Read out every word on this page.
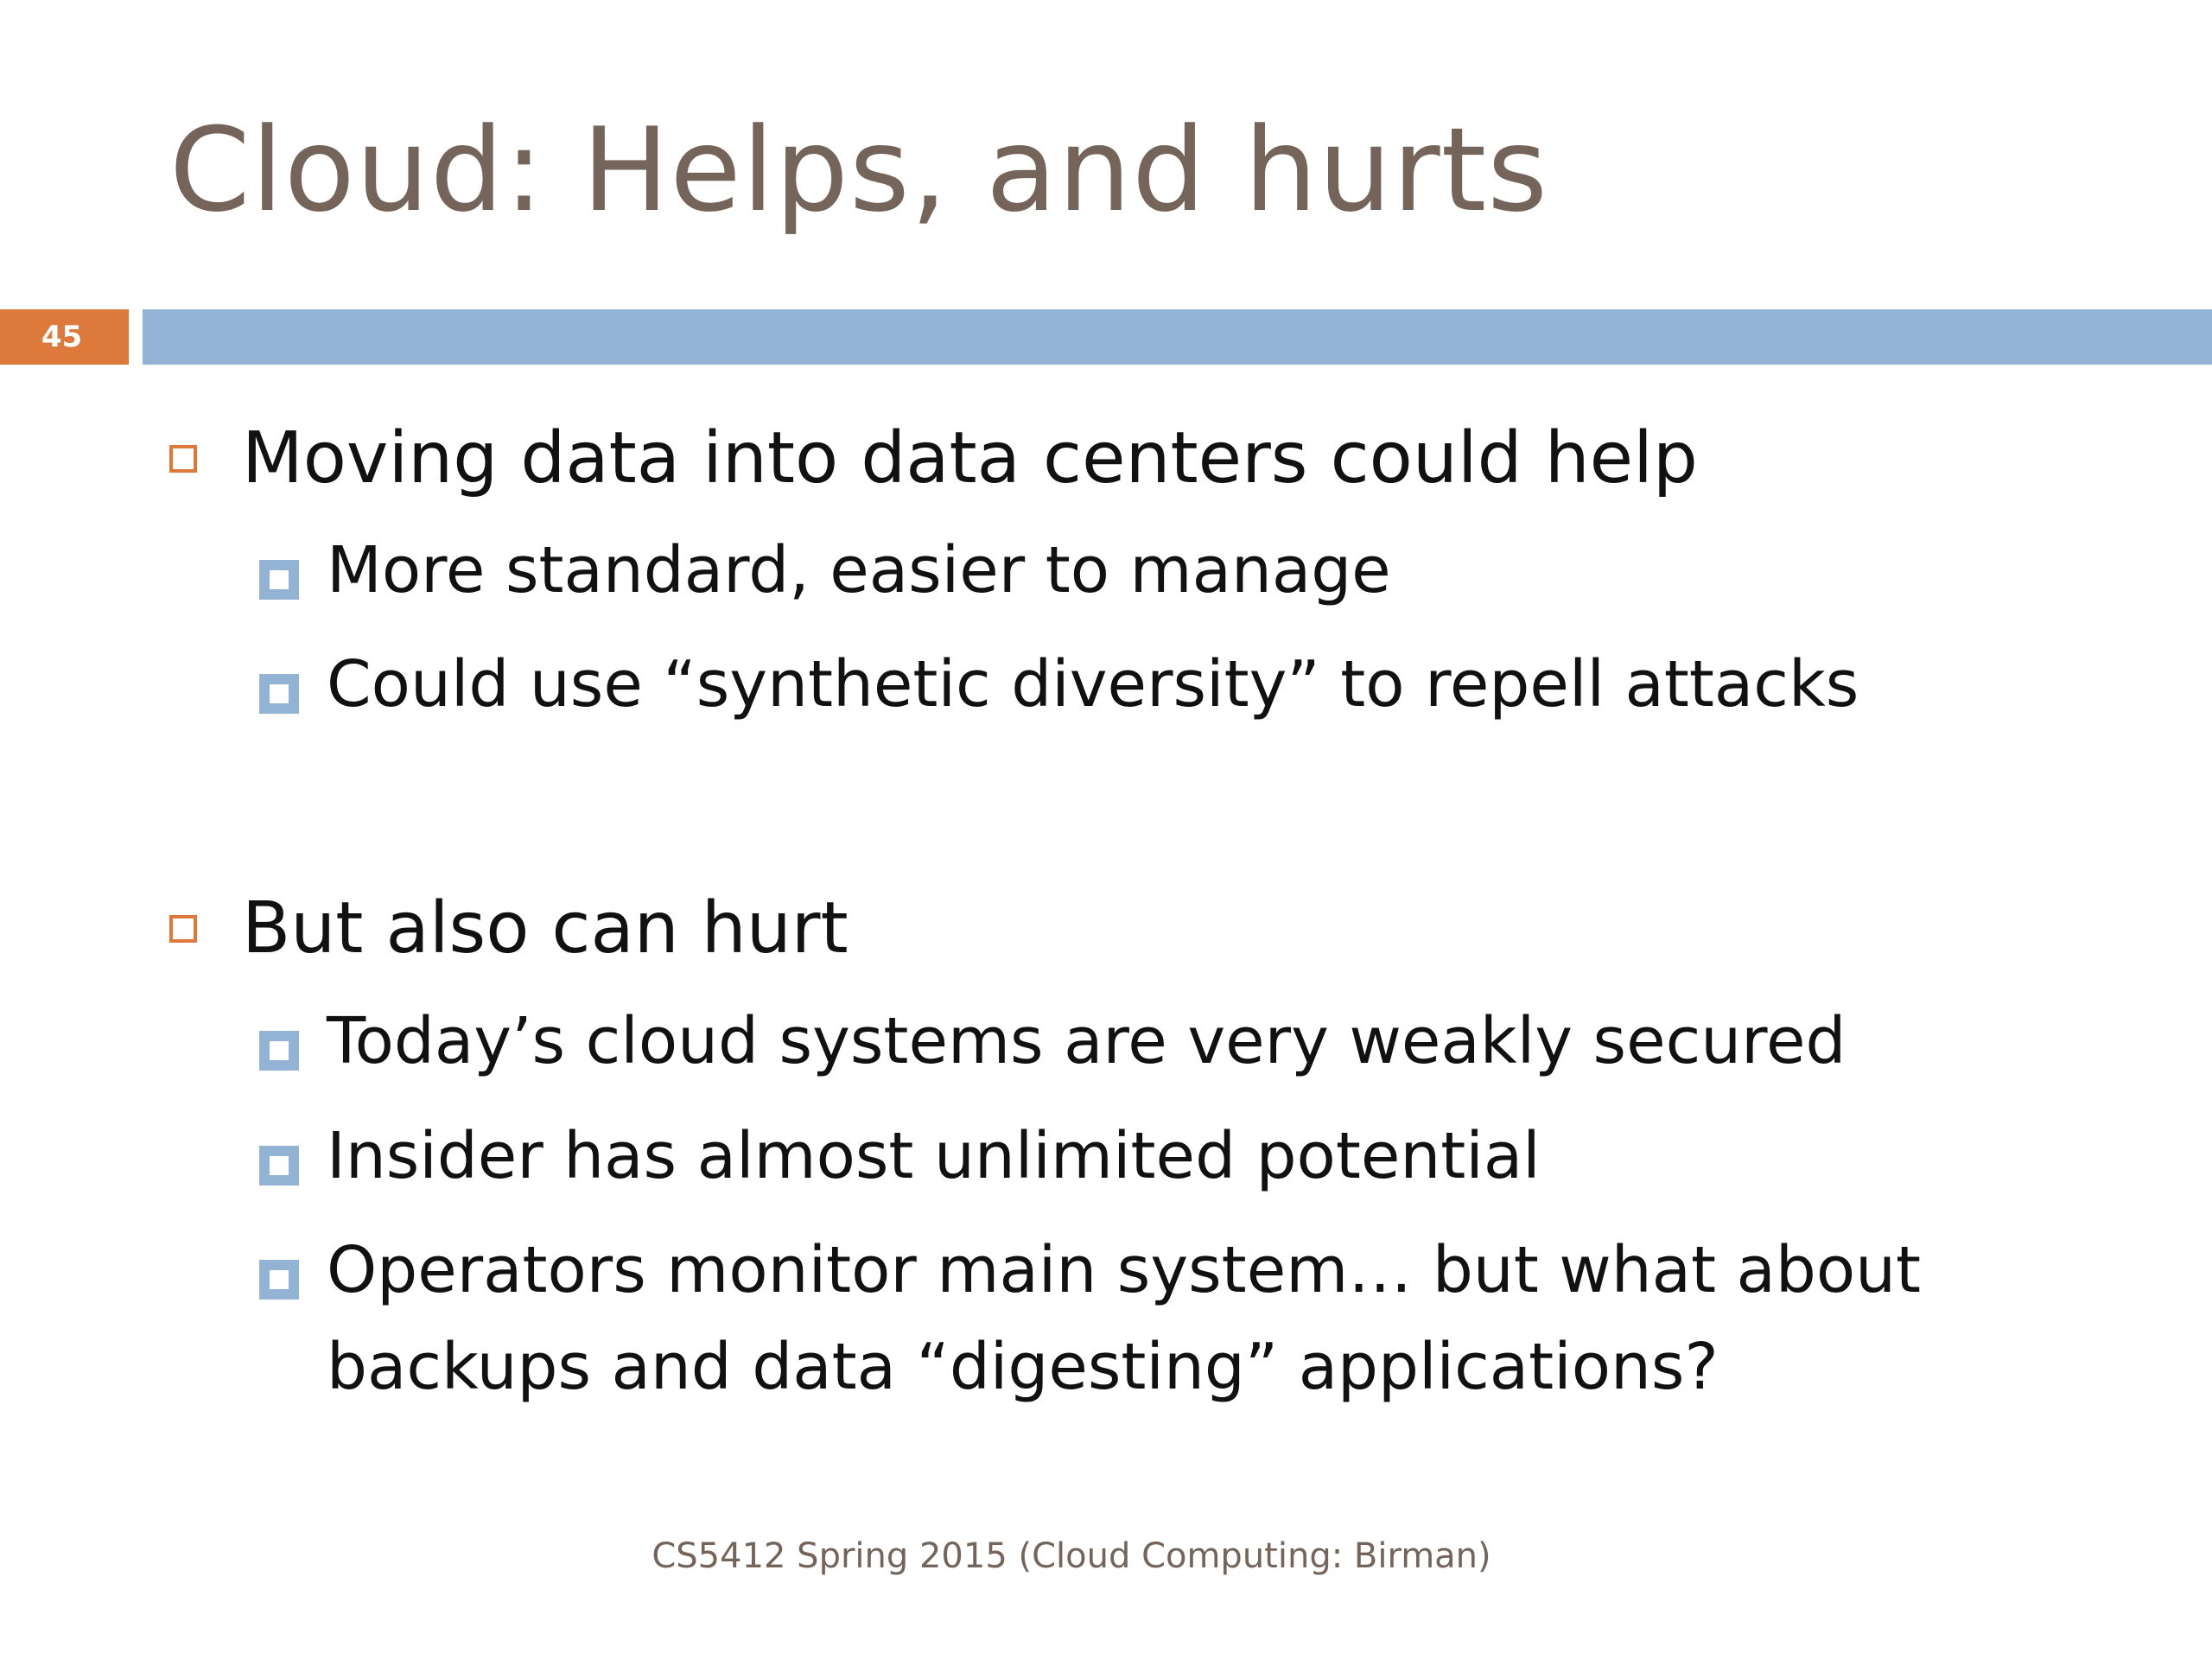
Cloud: Helps, and hurts
45
Moving data into data centers could help
More standard, easier to manage
Could use “synthetic diversity” to repell attacks
But also can hurt
Today’s cloud systems are very weakly secured
Insider has almost unlimited potential
Operators monitor main system… but what about backups and data “digesting” applications?
CS5412 Spring 2015 (Cloud Computing: Birman)
